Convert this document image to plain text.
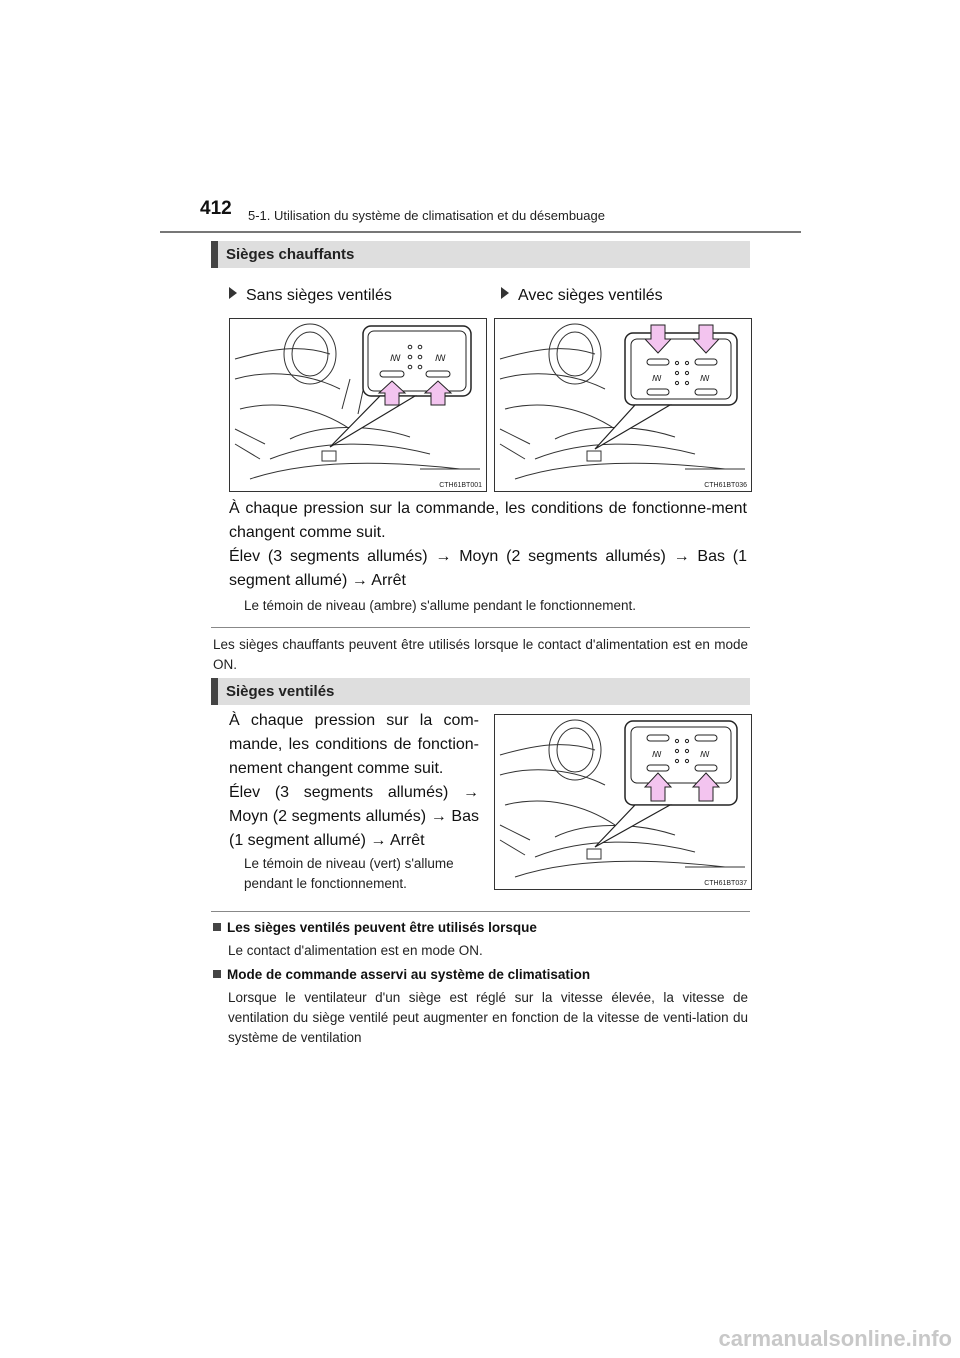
412 5-1. Utilisation du système de climatisation et du désembuage
Sièges chauffants
Sans sièges ventilés	Avec sièges ventilés
ꟿ	ꟿ
CTH61BT001
ꟿ	ꟿ
CTH61BT036
À chaque pression sur la commande, les conditions de fonctionne-ment changent comme suit.
Élev (3 segments allumés) → Moyn (2 segments allumés) → Bas (1 segment allumé) → Arrêt
Le témoin de niveau (ambre) s'allume pendant le fonctionnement.
Les sièges chauffants peuvent être utilisés lorsque le contact d'alimentation est en mode ON.
Sièges ventilés
À chaque pression sur la com-mande, les conditions de fonction-nement changent comme suit.
Élev (3 segments allumés) → Moyn (2 segments allumés) → Bas (1 segment allumé) → Arrêt
Le témoin de niveau (vert) s'allume pendant le fonctionnement.
ꟿ	ꟿ
CTH61BT037
Les sièges ventilés peuvent être utilisés lorsque
Le contact d'alimentation est en mode ON.
Mode de commande asservi au système de climatisation
Lorsque le ventilateur d'un siège est réglé sur la vitesse élevée, la vitesse de ventilation du siège ventilé peut augmenter en fonction de la vitesse de venti-lation du système de ventilation
carmanualsonline.info
